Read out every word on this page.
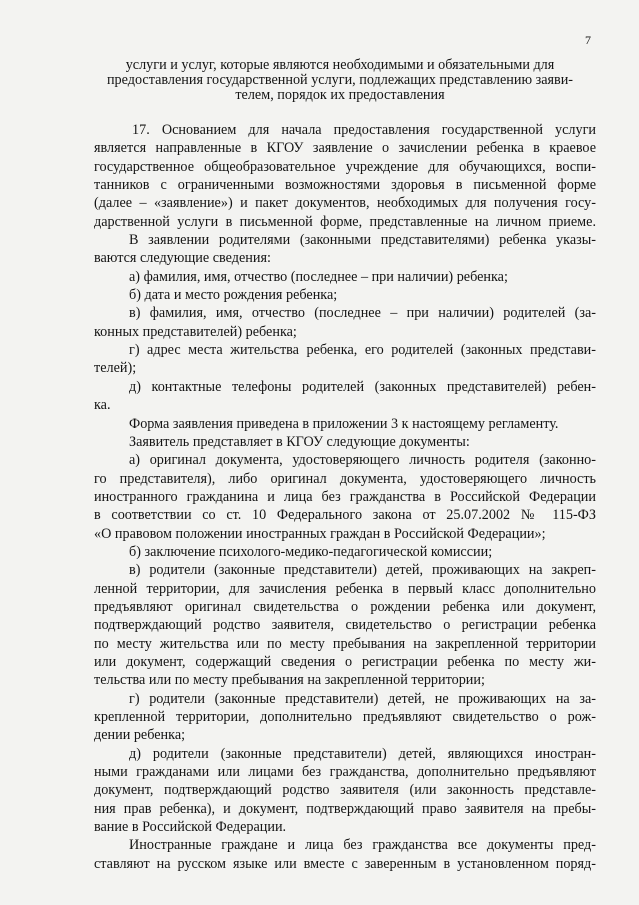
7
услуги и услуг, которые являются необходимыми и обязательными для
предоставления государственной услуги, подлежащих представлению заяви-
телем, порядок их предоставления
17. Основанием для начала предоставления государственной услуги
является направленные в КГОУ заявление о зачислении ребенка в краевое
государственное общеобразовательное учреждение для обучающихся, воспи-
танников с ограниченными возможностями здоровья в письменной форме
(далее – «заявление») и пакет документов, необходимых для получения госу-
дарственной услуги в письменной форме, представленные на личном приеме.
В заявлении родителями (законными представителями) ребенка указы-
ваются следующие сведения:
а) фамилия, имя, отчество (последнее – при наличии) ребенка;
б) дата и место рождения ребенка;
в) фамилия, имя, отчество (последнее – при наличии) родителей (за-
конных представителей) ребенка;
г) адрес места жительства ребенка, его родителей (законных представи-
телей);
д) контактные телефоны родителей (законных представителей) ребен-
ка.
Форма заявления приведена в приложении 3 к настоящему регламенту.
Заявитель представляет в КГОУ следующие документы:
а) оригинал документа, удостоверяющего личность родителя (законно-
го представителя), либо оригинал документа, удостоверяющего личность
иностранного гражданина и лица без гражданства в Российской Федерации
в соответствии со ст. 10 Федерального закона от 25.07.2002 № 115-ФЗ
«О правовом положении иностранных граждан в Российской Федерации»;
б) заключение психолого-медико-педагогической комиссии;
в) родители (законные представители) детей, проживающих на закреп-
ленной территории, для зачисления ребенка в первый класс дополнительно
предъявляют оригинал свидетельства о рождении ребенка или документ,
подтверждающий родство заявителя, свидетельство о регистрации ребенка
по месту жительства или по месту пребывания на закрепленной территории
или документ, содержащий сведения о регистрации ребенка по месту жи-
тельства или по месту пребывания на закрепленной территории;
г) родители (законные представители) детей, не проживающих на за-
крепленной территории, дополнительно предъявляют свидетельство о рож-
дении ребенка;
д) родители (законные представители) детей, являющихся иностран-
ными гражданами или лицами без гражданства, дополнительно предъявляют
документ, подтверждающий родство заявителя (или законность представле-
ния прав ребенка), и документ, подтверждающий право заявителя на пребы-
вание в Российской Федерации.
Иностранные граждане и лица без гражданства все документы пред-
ставляют на русском языке или вместе с заверенным в установленном поряд-
